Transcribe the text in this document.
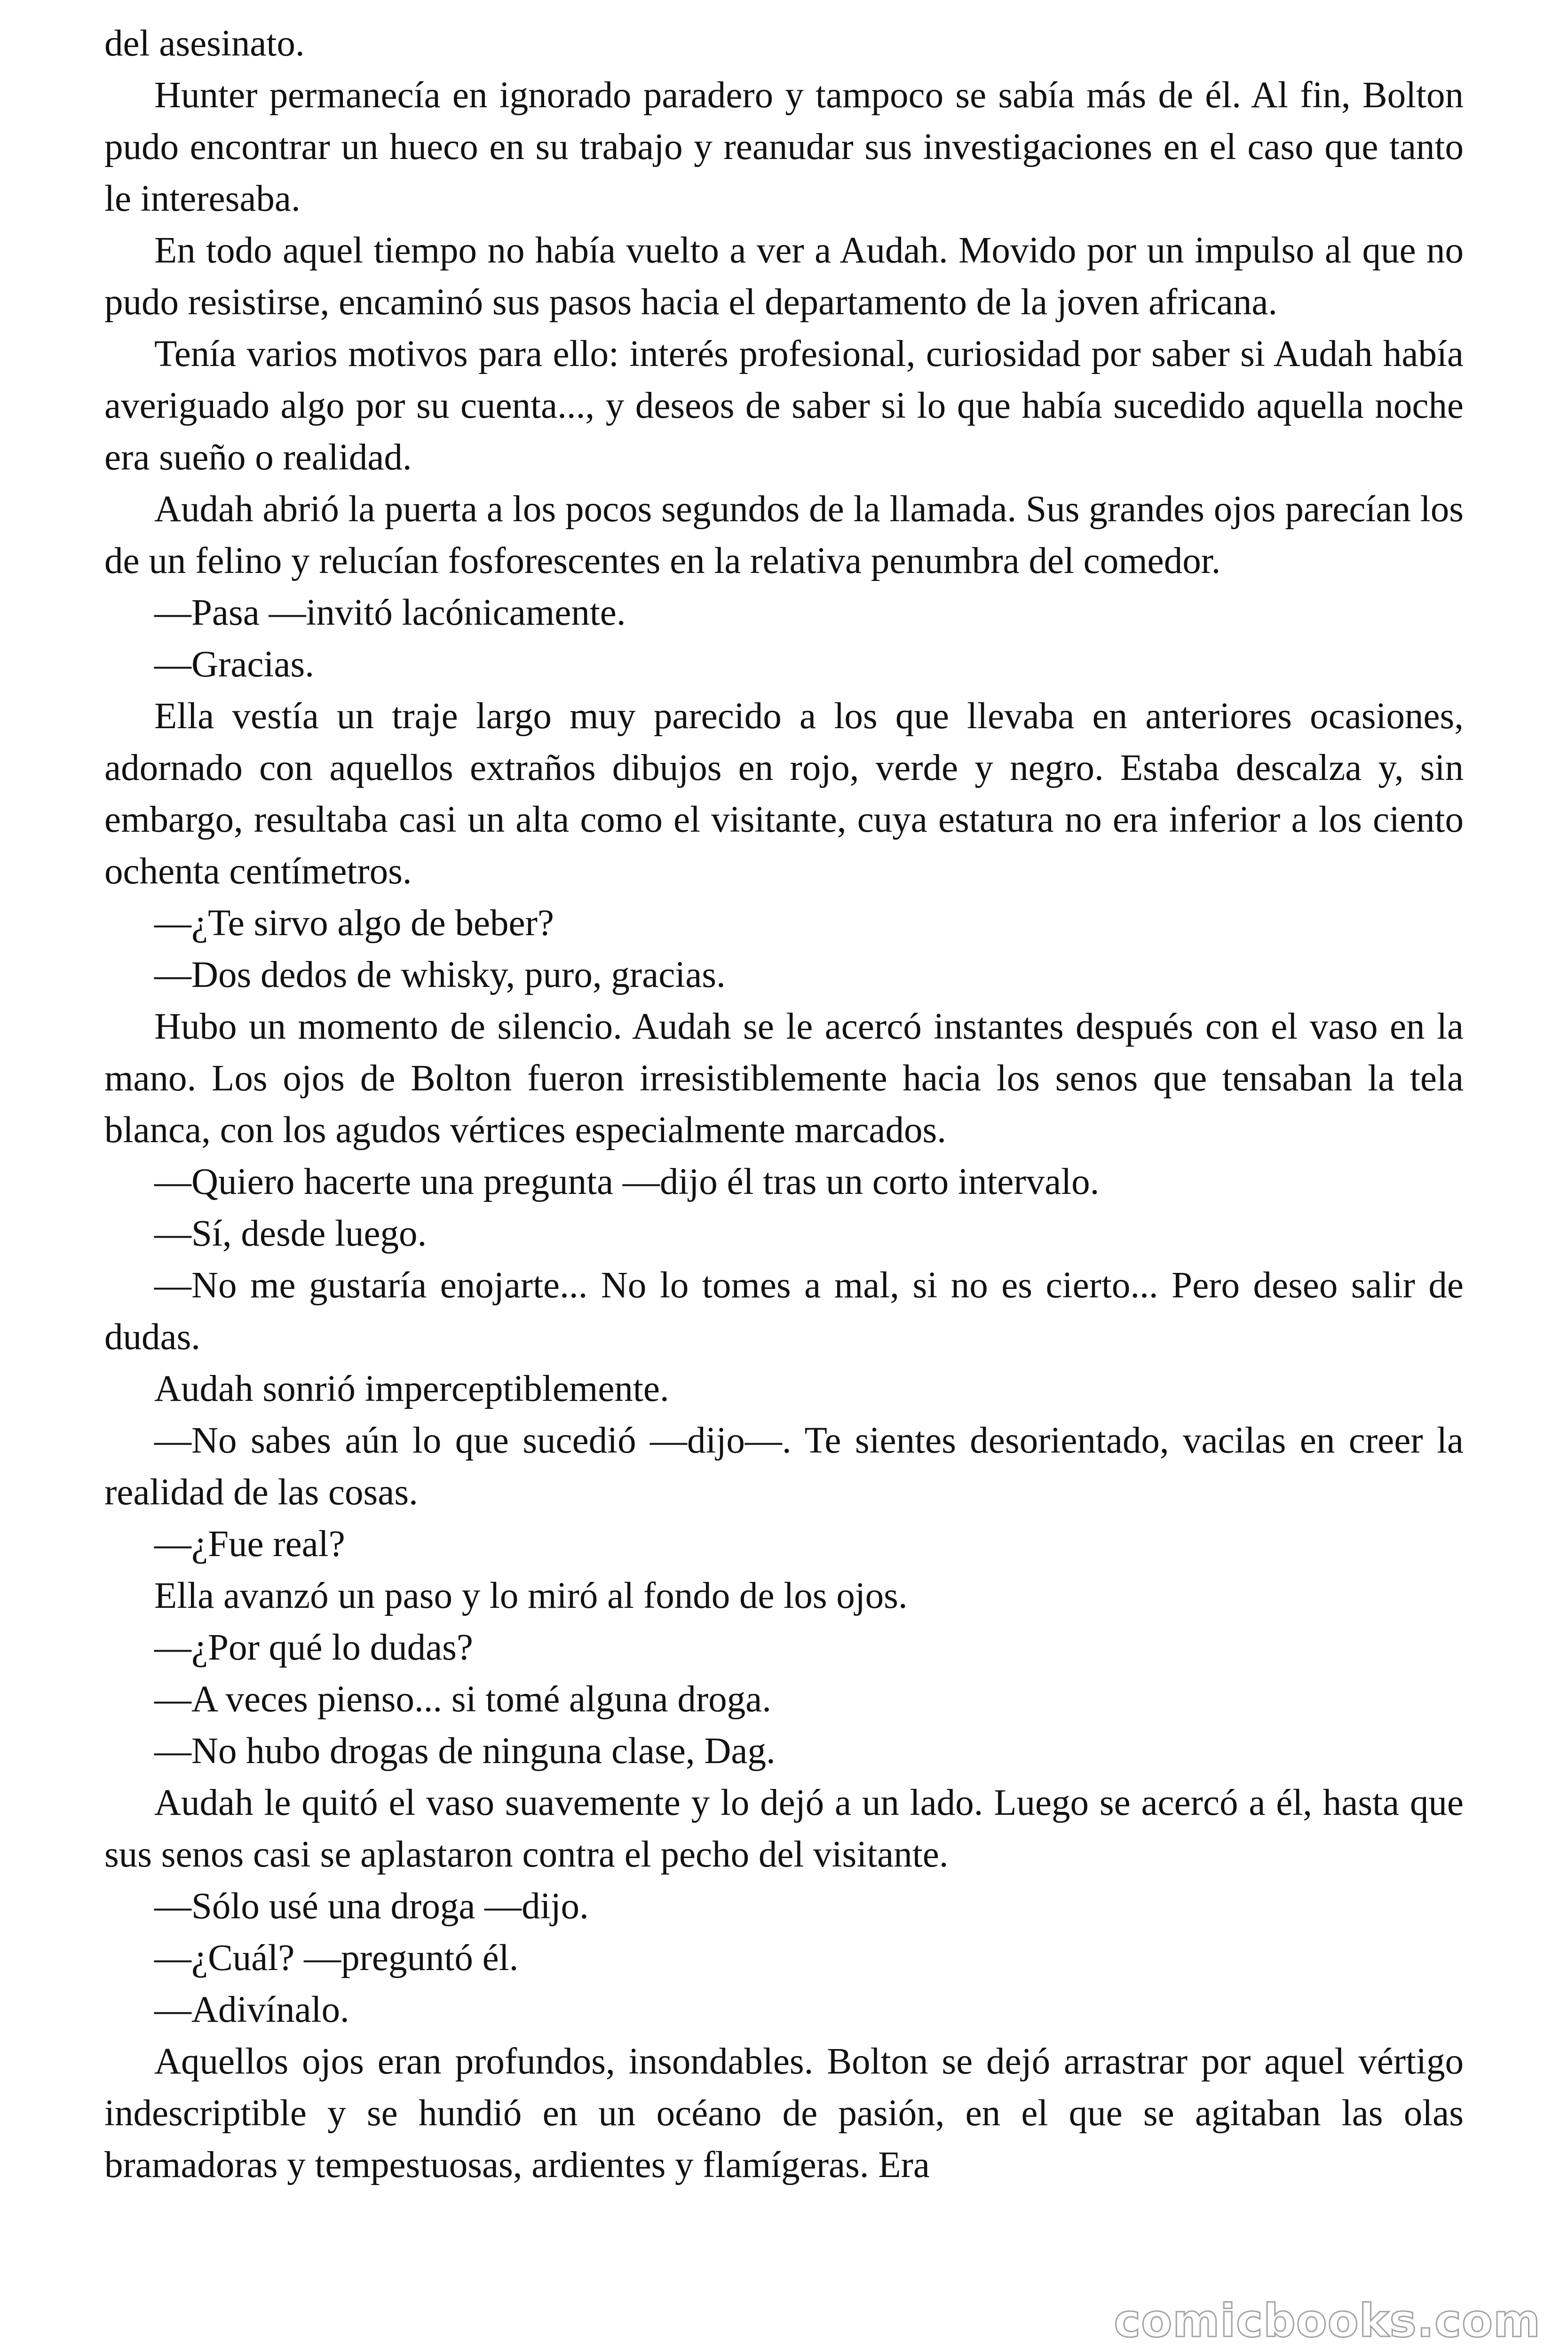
del asesinato.

Hunter permanecía en ignorado paradero y tampoco se sabía más de él. Al fin, Bolton pudo encontrar un hueco en su trabajo y reanudar sus investigaciones en el caso que tanto le interesaba.

En todo aquel tiempo no había vuelto a ver a Audah. Movido por un impulso al que no pudo resistirse, encaminó sus pasos hacia el departamento de la joven africana.

Tenía varios motivos para ello: interés profesional, curiosidad por saber si Audah había averiguado algo por su cuenta..., y deseos de saber si lo que había sucedido aquella noche era sueño o realidad.

Audah abrió la puerta a los pocos segundos de la llamada. Sus grandes ojos parecían los de un felino y relucían fosforescentes en la relativa penumbra del comedor.

—Pasa —invitó lacónicamente.

—Gracias.

Ella vestía un traje largo muy parecido a los que llevaba en anteriores ocasiones, adornado con aquellos extraños dibujos en rojo, verde y negro. Estaba descalza y, sin embargo, resultaba casi un alta como el visitante, cuya estatura no era inferior a los ciento ochenta centímetros.

—¿Te sirvo algo de beber?

—Dos dedos de whisky, puro, gracias.

Hubo un momento de silencio. Audah se le acercó instantes después con el vaso en la mano. Los ojos de Bolton fueron irresistiblemente hacia los senos que tensaban la tela blanca, con los agudos vértices especialmente marcados.

—Quiero hacerte una pregunta —dijo él tras un corto intervalo.

—Sí, desde luego.

—No me gustaría enojarte... No lo tomes a mal, si no es cierto... Pero deseo salir de dudas.

Audah sonrió imperceptiblemente.

—No sabes aún lo que sucedió —dijo—. Te sientes desorientado, vacilas en creer la realidad de las cosas.

—¿Fue real?

Ella avanzó un paso y lo miró al fondo de los ojos.

—¿Por qué lo dudas?

—A veces pienso... si tomé alguna droga.

—No hubo drogas de ninguna clase, Dag.

Audah le quitó el vaso suavemente y lo dejó a un lado. Luego se acercó a él, hasta que sus senos casi se aplastaron contra el pecho del visitante.

—Sólo usé una droga —dijo.

—¿Cuál? —preguntó él.

—Adivínalo.

Aquellos ojos eran profundos, insondables. Bolton se dejó arrastrar por aquel vértigo indescriptible y se hundió en un océano de pasión, en el que se agitaban las olas bramadoras y tempestuosas, ardientes y flamígeras. Era

comicbooks.com
